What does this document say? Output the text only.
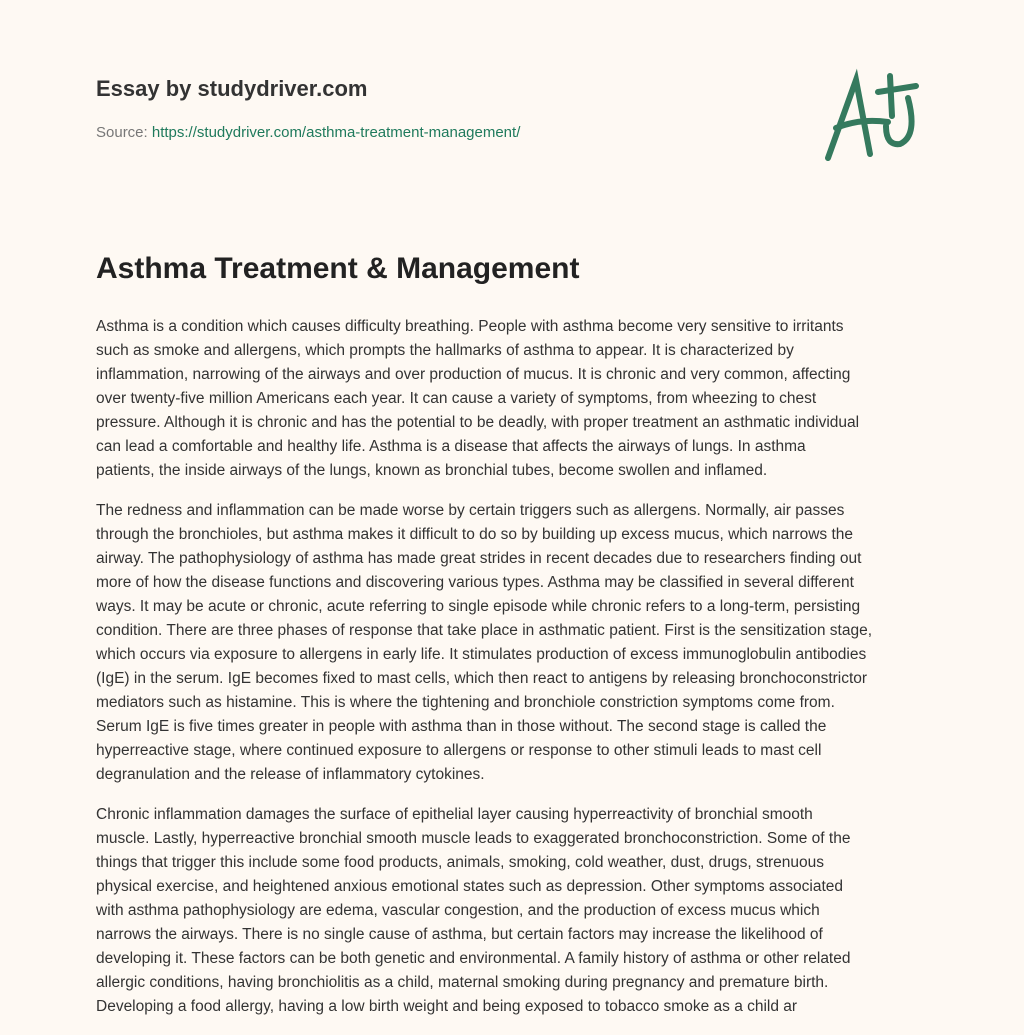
Essay by studydriver.com
Source: https://studydriver.com/asthma-treatment-management/
Asthma Treatment & Management

Asthma is a condition which causes difficulty breathing. People with asthma become very sensitive to irritants
such as smoke and allergens, which prompts the hallmarks of asthma to appear. It is characterized by
inflammation, narrowing of the airways and over production of mucus. It is chronic and very common, affecting
over twenty-five million Americans each year. It can cause a variety of symptoms, from wheezing to chest
pressure. Although it is chronic and has the potential to be deadly, with proper treatment an asthmatic individual
can lead a comfortable and healthy life. Asthma is a disease that affects the airways of lungs. In asthma
patients, the inside airways of the lungs, known as bronchial tubes, become swollen and inflamed.

The redness and inflammation can be made worse by certain triggers such as allergens. Normally, air passes
through the bronchioles, but asthma makes it difficult to do so by building up excess mucus, which narrows the
airway. The pathophysiology of asthma has made great strides in recent decades due to researchers finding out
more of how the disease functions and discovering various types. Asthma may be classified in several different
ways. It may be acute or chronic, acute referring to single episode while chronic refers to a long-term, persisting
condition. There are three phases of response that take place in asthmatic patient. First is the sensitization stage,
which occurs via exposure to allergens in early life. It stimulates production of excess immunoglobulin antibodies
(IgE) in the serum. IgE becomes fixed to mast cells, which then react to antigens by releasing bronchoconstrictor
mediators such as histamine. This is where the tightening and bronchiole constriction symptoms come from.
Serum IgE is five times greater in people with asthma than in those without. The second stage is called the
hyperreactive stage, where continued exposure to allergens or response to other stimuli leads to mast cell
degranulation and the release of inflammatory cytokines.

Chronic inflammation damages the surface of epithelial layer causing hyperreactivity of bronchial smooth
muscle. Lastly, hyperreactive bronchial smooth muscle leads to exaggerated bronchoconstriction. Some of the
things that trigger this include some food products, animals, smoking, cold weather, dust, drugs, strenuous
physical exercise, and heightened anxious emotional states such as depression. Other symptoms associated
with asthma pathophysiology are edema, vascular congestion, and the production of excess mucus which
narrows the airways. There is no single cause of asthma, but certain factors may increase the likelihood of
developing it. These factors can be both genetic and environmental. A family history of asthma or other related
allergic conditions, having bronchiolitis as a child, maternal smoking during pregnancy and premature birth.
Developing a food allergy, having a low birth weight and being exposed to tobacco smoke as a child ar
